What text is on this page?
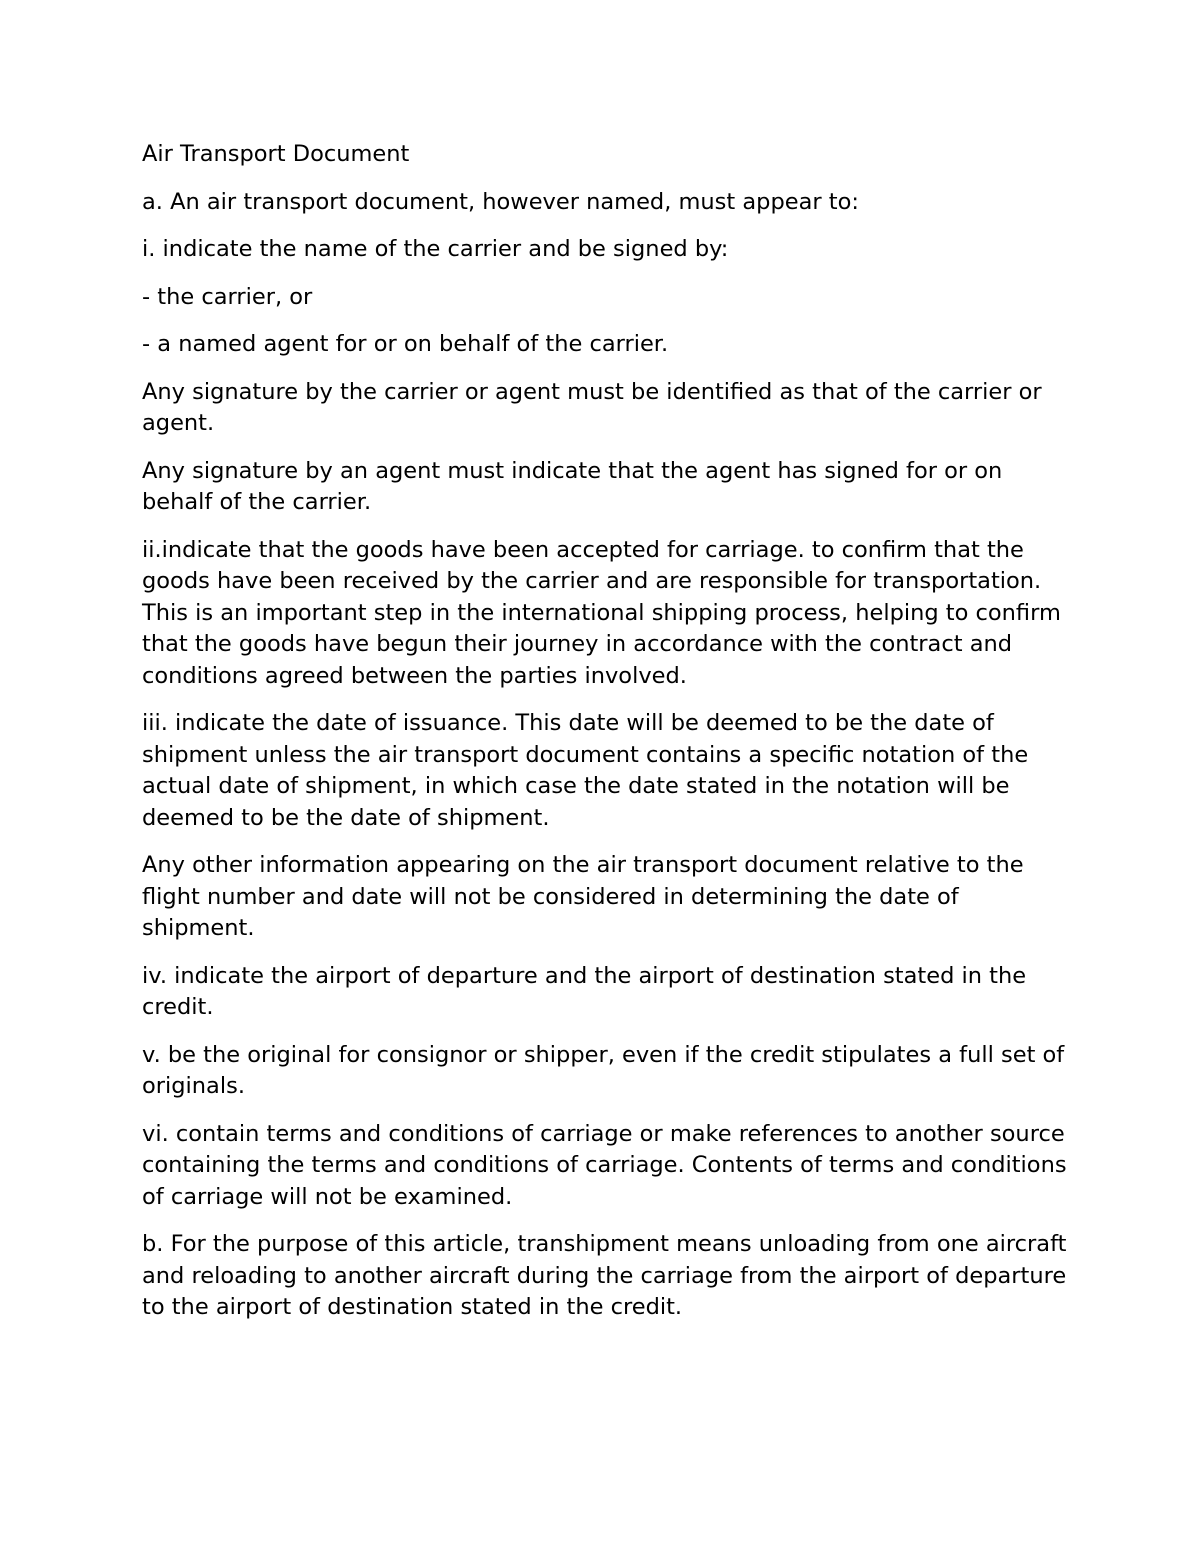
Air Transport Document

a. An air transport document, however named, must appear to:

i. indicate the name of the carrier and be signed by:

- the carrier, or

- a named agent for or on behalf of the carrier.

Any signature by the carrier or agent must be identified as that of the carrier or agent.

Any signature by an agent must indicate that the agent has signed for or on behalf of the carrier.

ii.indicate that the goods have been accepted for carriage. to confirm that the goods have been received by the carrier and are responsible for transportation. This is an important step in the international shipping process, helping to confirm that the goods have begun their journey in accordance with the contract and conditions agreed between the parties involved.

iii. indicate the date of issuance. This date will be deemed to be the date of shipment unless the air transport document contains a specific notation of the actual date of shipment, in which case the date stated in the notation will be deemed to be the date of shipment.

Any other information appearing on the air transport document relative to the flight number and date will not be considered in determining the date of shipment.

iv. indicate the airport of departure and the airport of destination stated in the credit.

v. be the original for consignor or shipper, even if the credit stipulates a full set of originals.

vi. contain terms and conditions of carriage or make references to another source containing the terms and conditions of carriage. Contents of terms and conditions of carriage will not be examined.

b. For the purpose of this article, transhipment means unloading from one aircraft and reloading to another aircraft during the carriage from the airport of departure to the airport of destination stated in the credit.
